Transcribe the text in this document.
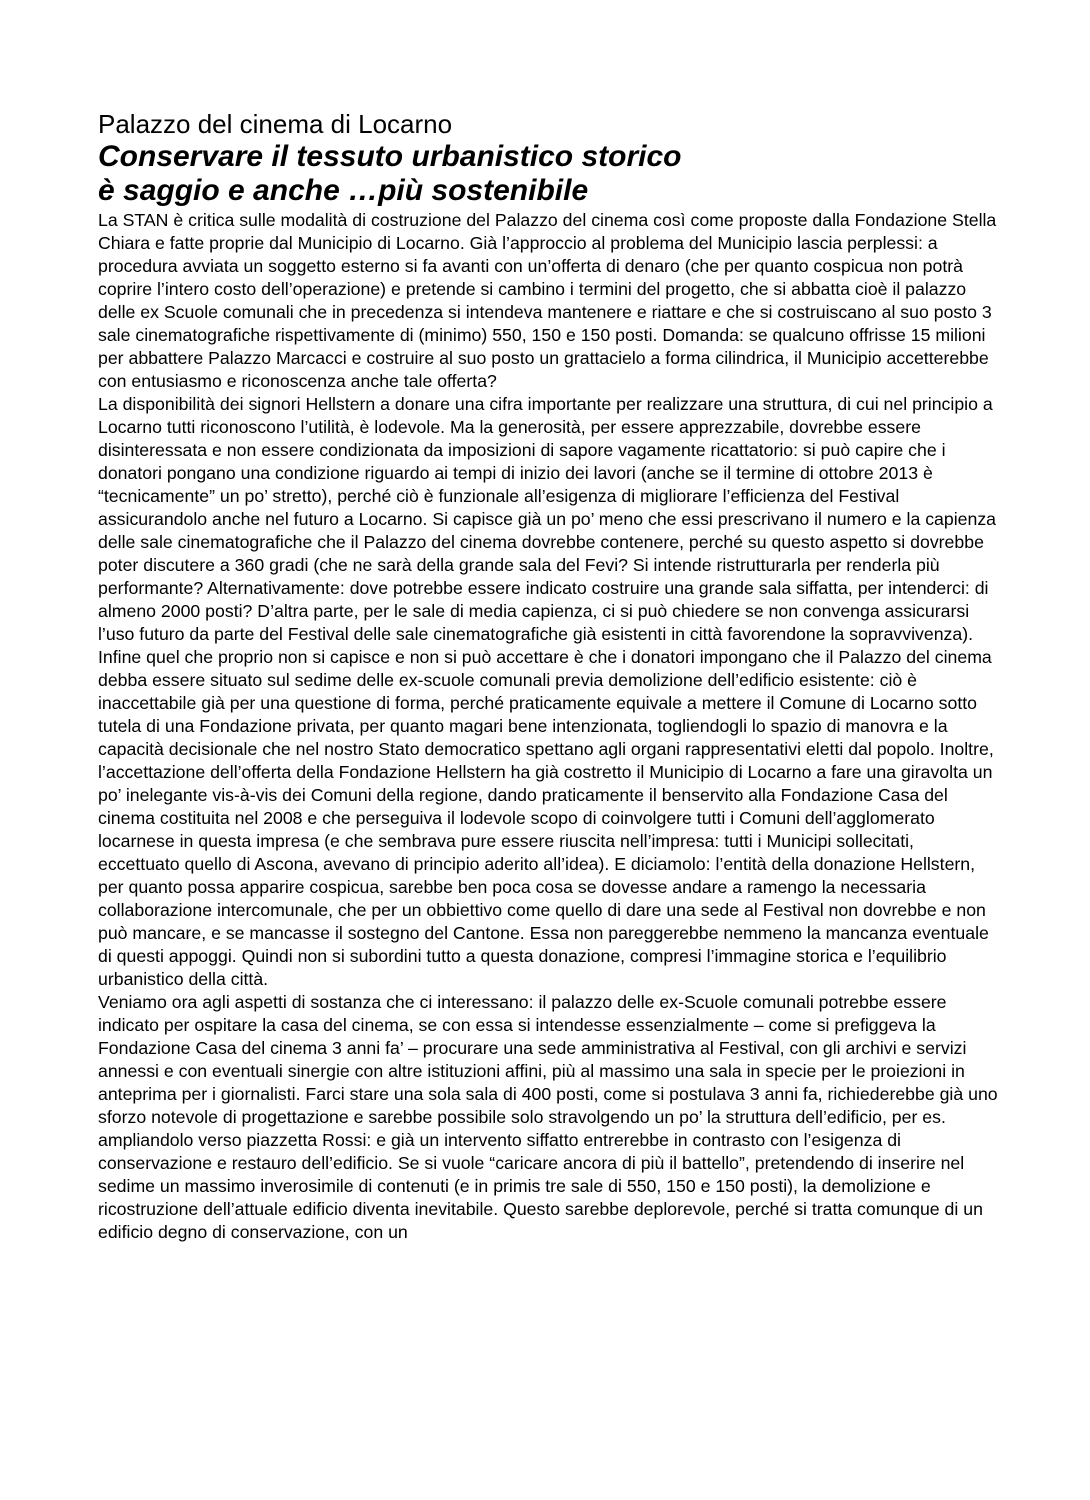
Palazzo del cinema di Locarno
Conservare il tessuto urbanistico storico
è saggio e anche …più sostenibile

La STAN è critica sulle modalità di costruzione del Palazzo del cinema così come proposte dalla Fondazione Stella Chiara e fatte proprie dal Municipio di Locarno. Già l’approccio al problema del Municipio lascia perplessi: a procedura avviata un soggetto esterno si fa avanti con un’offerta di denaro (che per quanto cospicua non potrà coprire l’intero costo dell’operazione) e pretende si cambino i termini del progetto, che si abbatta cioè il palazzo delle ex Scuole comunali che in precedenza si intendeva mantenere e riattare e che si costruiscano al suo posto 3 sale cinematografiche rispettivamente di (minimo) 550, 150 e 150 posti. Domanda: se qualcuno offrisse 15 milioni per abbattere Palazzo Marcacci e costruire al suo posto un grattacielo a forma cilindrica, il Municipio accetterebbe con entusiasmo e riconoscenza anche tale offerta?

La disponibilità dei signori Hellstern a donare una cifra importante per realizzare una struttura, di cui nel principio a Locarno tutti riconoscono l’utilità, è lodevole. Ma la generosità, per essere apprezzabile, dovrebbe essere disinteressata e non essere condizionata da imposizioni di sapore vagamente ricattatorio: si può capire che i donatori pongano una condizione riguardo ai tempi di inizio dei lavori (anche se il termine di ottobre 2013 è “tecnicamente” un po’ stretto), perché ciò è funzionale all’esigenza di migliorare l’efficienza del Festival assicurandolo anche nel futuro a Locarno. Si capisce già un po’ meno che essi prescrivano il numero e la capienza delle sale cinematografiche che il Palazzo del cinema dovrebbe contenere, perché su questo aspetto si dovrebbe poter discutere a 360 gradi (che ne sarà della grande sala del Fevi? Si intende ristrutturarla per renderla più performante? Alternativamente: dove potrebbe essere indicato costruire una grande sala siffatta, per intenderci: di almeno 2000 posti? D’altra parte, per le sale di media capienza, ci si può chiedere se non convenga assicurarsi l’uso futuro da parte del Festival delle sale cinematografiche già esistenti in città favorendone la sopravvivenza).

Infine quel che proprio non si capisce e non si può accettare è che i donatori impongano che il Palazzo del cinema debba essere situato sul sedime delle ex-scuole comunali previa demolizione dell’edificio esistente: ciò è inaccettabile già per una questione di forma, perché praticamente equivale a mettere il Comune di Locarno sotto tutela di una Fondazione privata, per quanto magari bene intenzionata, togliendogli lo spazio di manovra e la capacità decisionale che nel nostro Stato democratico spettano agli organi rappresentativi eletti dal popolo. Inoltre, l’accettazione dell’offerta della Fondazione Hellstern ha già costretto il Municipio di Locarno a fare una giravolta un po’ inelegante vis-à-vis dei Comuni della regione, dando praticamente il benservito alla Fondazione Casa del cinema costituita nel 2008 e che perseguiva il lodevole scopo di coinvolgere tutti i Comuni dell’agglomerato locarnese in questa impresa (e che sembrava pure essere riuscita nell’impresa: tutti i Municipi sollecitati, eccettuato quello di Ascona, avevano di principio aderito all’idea). E diciamolo: l’entità della donazione Hellstern, per quanto possa apparire cospicua, sarebbe ben poca cosa se dovesse andare a ramengo la necessaria collaborazione intercomunale, che per un obbiettivo come quello di dare una sede al Festival non dovrebbe e non può mancare, e se mancasse il sostegno del Cantone. Essa non pareggerebbe nemmeno la mancanza eventuale di questi appoggi. Quindi non si subordini tutto a questa donazione, compresi l’immagine storica e l’equilibrio urbanistico della città.

Veniamo ora agli aspetti di sostanza che ci interessano: il palazzo delle ex-Scuole comunali potrebbe essere indicato per ospitare la casa del cinema, se con essa si intendesse essenzialmente – come si prefiggeva la Fondazione Casa del cinema 3 anni fa’ – procurare una sede amministrativa al Festival, con gli archivi e servizi annessi e con eventuali sinergie con altre istituzioni affini, più al massimo una sala in specie per le proiezioni in anteprima per i giornalisti. Farci stare una sola sala di 400 posti, come si postulava 3 anni fa, richiederebbe già uno sforzo notevole di progettazione e sarebbe possibile solo stravolgendo un po’ la struttura dell’edificio, per es. ampliandolo verso piazzetta Rossi: e già un intervento siffatto entrerebbe in contrasto con l’esigenza di conservazione e restauro dell’edificio. Se si vuole “caricare ancora di più il battello”, pretendendo di inserire nel sedime un massimo inverosimile di contenuti (e in primis tre sale di 550, 150 e 150 posti), la demolizione e ricostruzione dell’attuale edificio diventa inevitabile. Questo sarebbe deplorevole, perché si tratta comunque di un edificio degno di conservazione, con un
